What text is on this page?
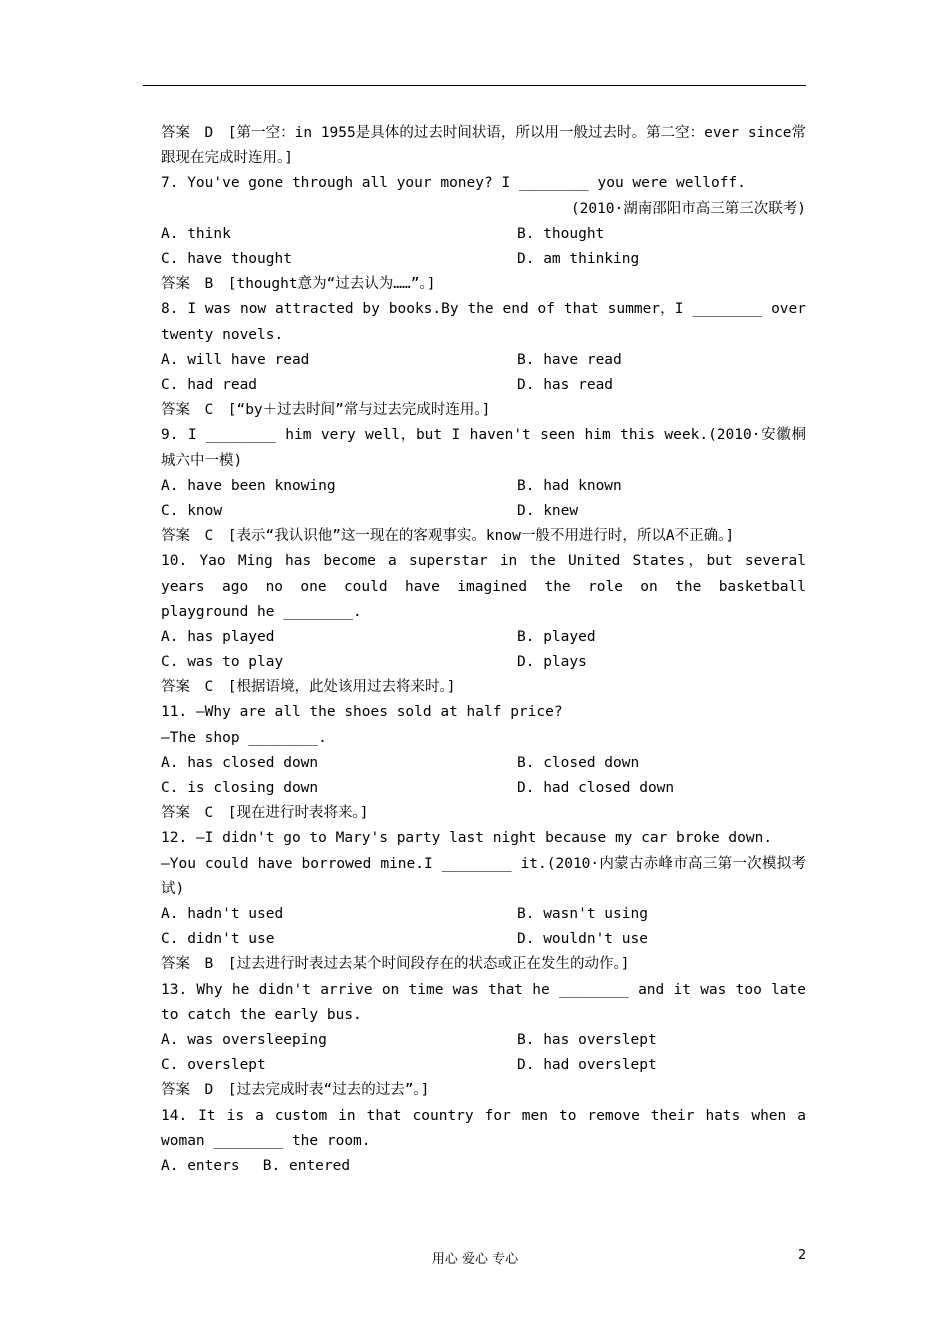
答案　D　[第一空：in 1955是具体的过去时间状语，所以用一般过去时。第二空：ever since常跟现在完成时连用。]
7. You've gone through all your money? I ________ you were welloff.
(2010·湖南邵阳市高三第三次联考)
A. think	B. thought
C. have thought	D. am thinking
答案　B　[thought意为“过去认为……”。]
8. I was now attracted by books.By the end of that summer，I ________ over twenty novels.
A. will have read	B. have read
C. had read	D. has read
答案　C　[“by＋过去时间”常与过去完成时连用。]
9. I ________ him very well，but I haven't seen him this week.(2010·安徽桐城六中一模)
A. have been knowing	B. had known
C. know	D. knew
答案　C　[表示“我认识他”这一现在的客观事实。know一般不用进行时，所以A不正确。]
10. Yao Ming has become a superstar in the United States，but several years ago no one could have imagined the role on the basketball playground he ________.
A. has played	B. played
C. was to play	D. plays
答案　C　[根据语境，此处该用过去将来时。]
11. —Why are all the shoes sold at half price?
—The shop ________.
A. has closed down	B. closed down
C. is closing down	D. had closed down
答案　C　[现在进行时表将来。]
12. —I didn't go to Mary's party last night because my car broke down.
—You could have borrowed mine.I ________ it.(2010·内蒙古赤峰市高三第一次模拟考试)
A. hadn't used	B. wasn't using
C. didn't use	D. wouldn't use
答案　B　[过去进行时表过去某个时间段存在的状态或正在发生的动作。]
13. Why he didn't arrive on time was that he ________ and it was too late to catch the early bus.
A. was oversleeping	B. has overslept
C. overslept	D. had overslept
答案　D　[过去完成时表“过去的过去”。]
14. It is a custom in that country for men to remove their hats when a woman ________ the room.
A. enters　 B. entered
用心 爱心 专心	2
